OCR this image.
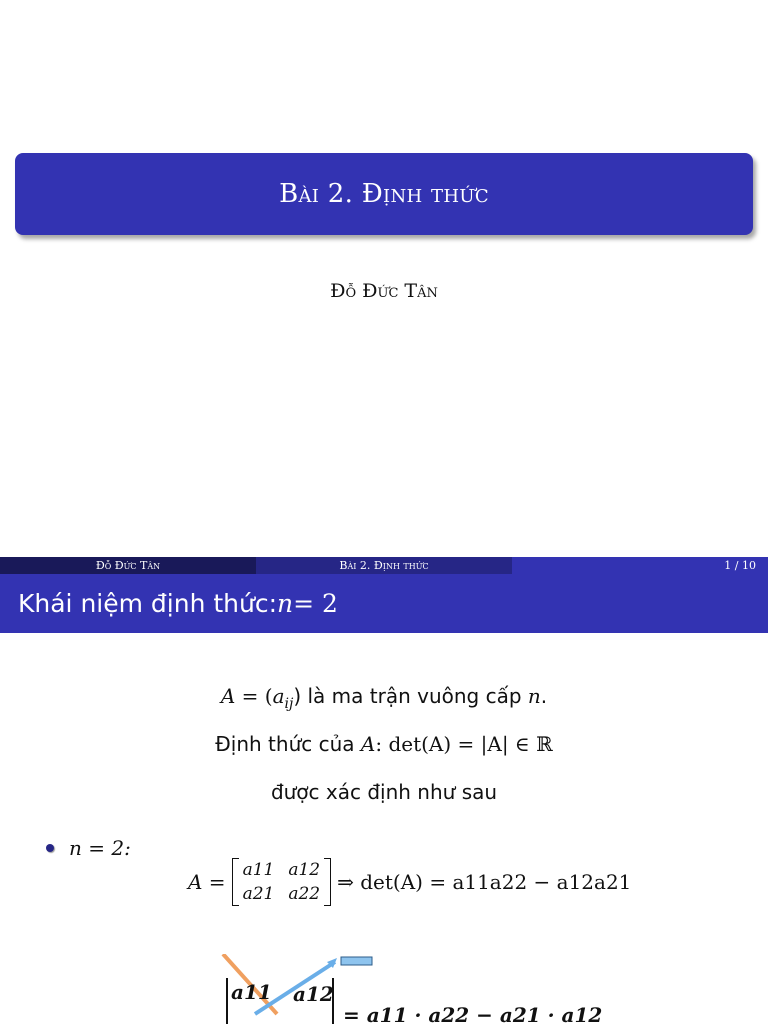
Bài 2. Định thức
Đỗ Đức Tân
Đỗ Đức Tân	Bài 2. Định thức	1 / 10
Khái niệm định thức: n = 2
$A = (a_{ij})$ là ma trận vuông cấp n.
Định thức của A: det(A) = |A| ∈ ℝ
được xác định như sau
n = 2:
A = a11 a12
a21 a22 ⇒ det(A) = a11a22 − a12a21
a11 a12
= a11 · a22 − a21 · a12
